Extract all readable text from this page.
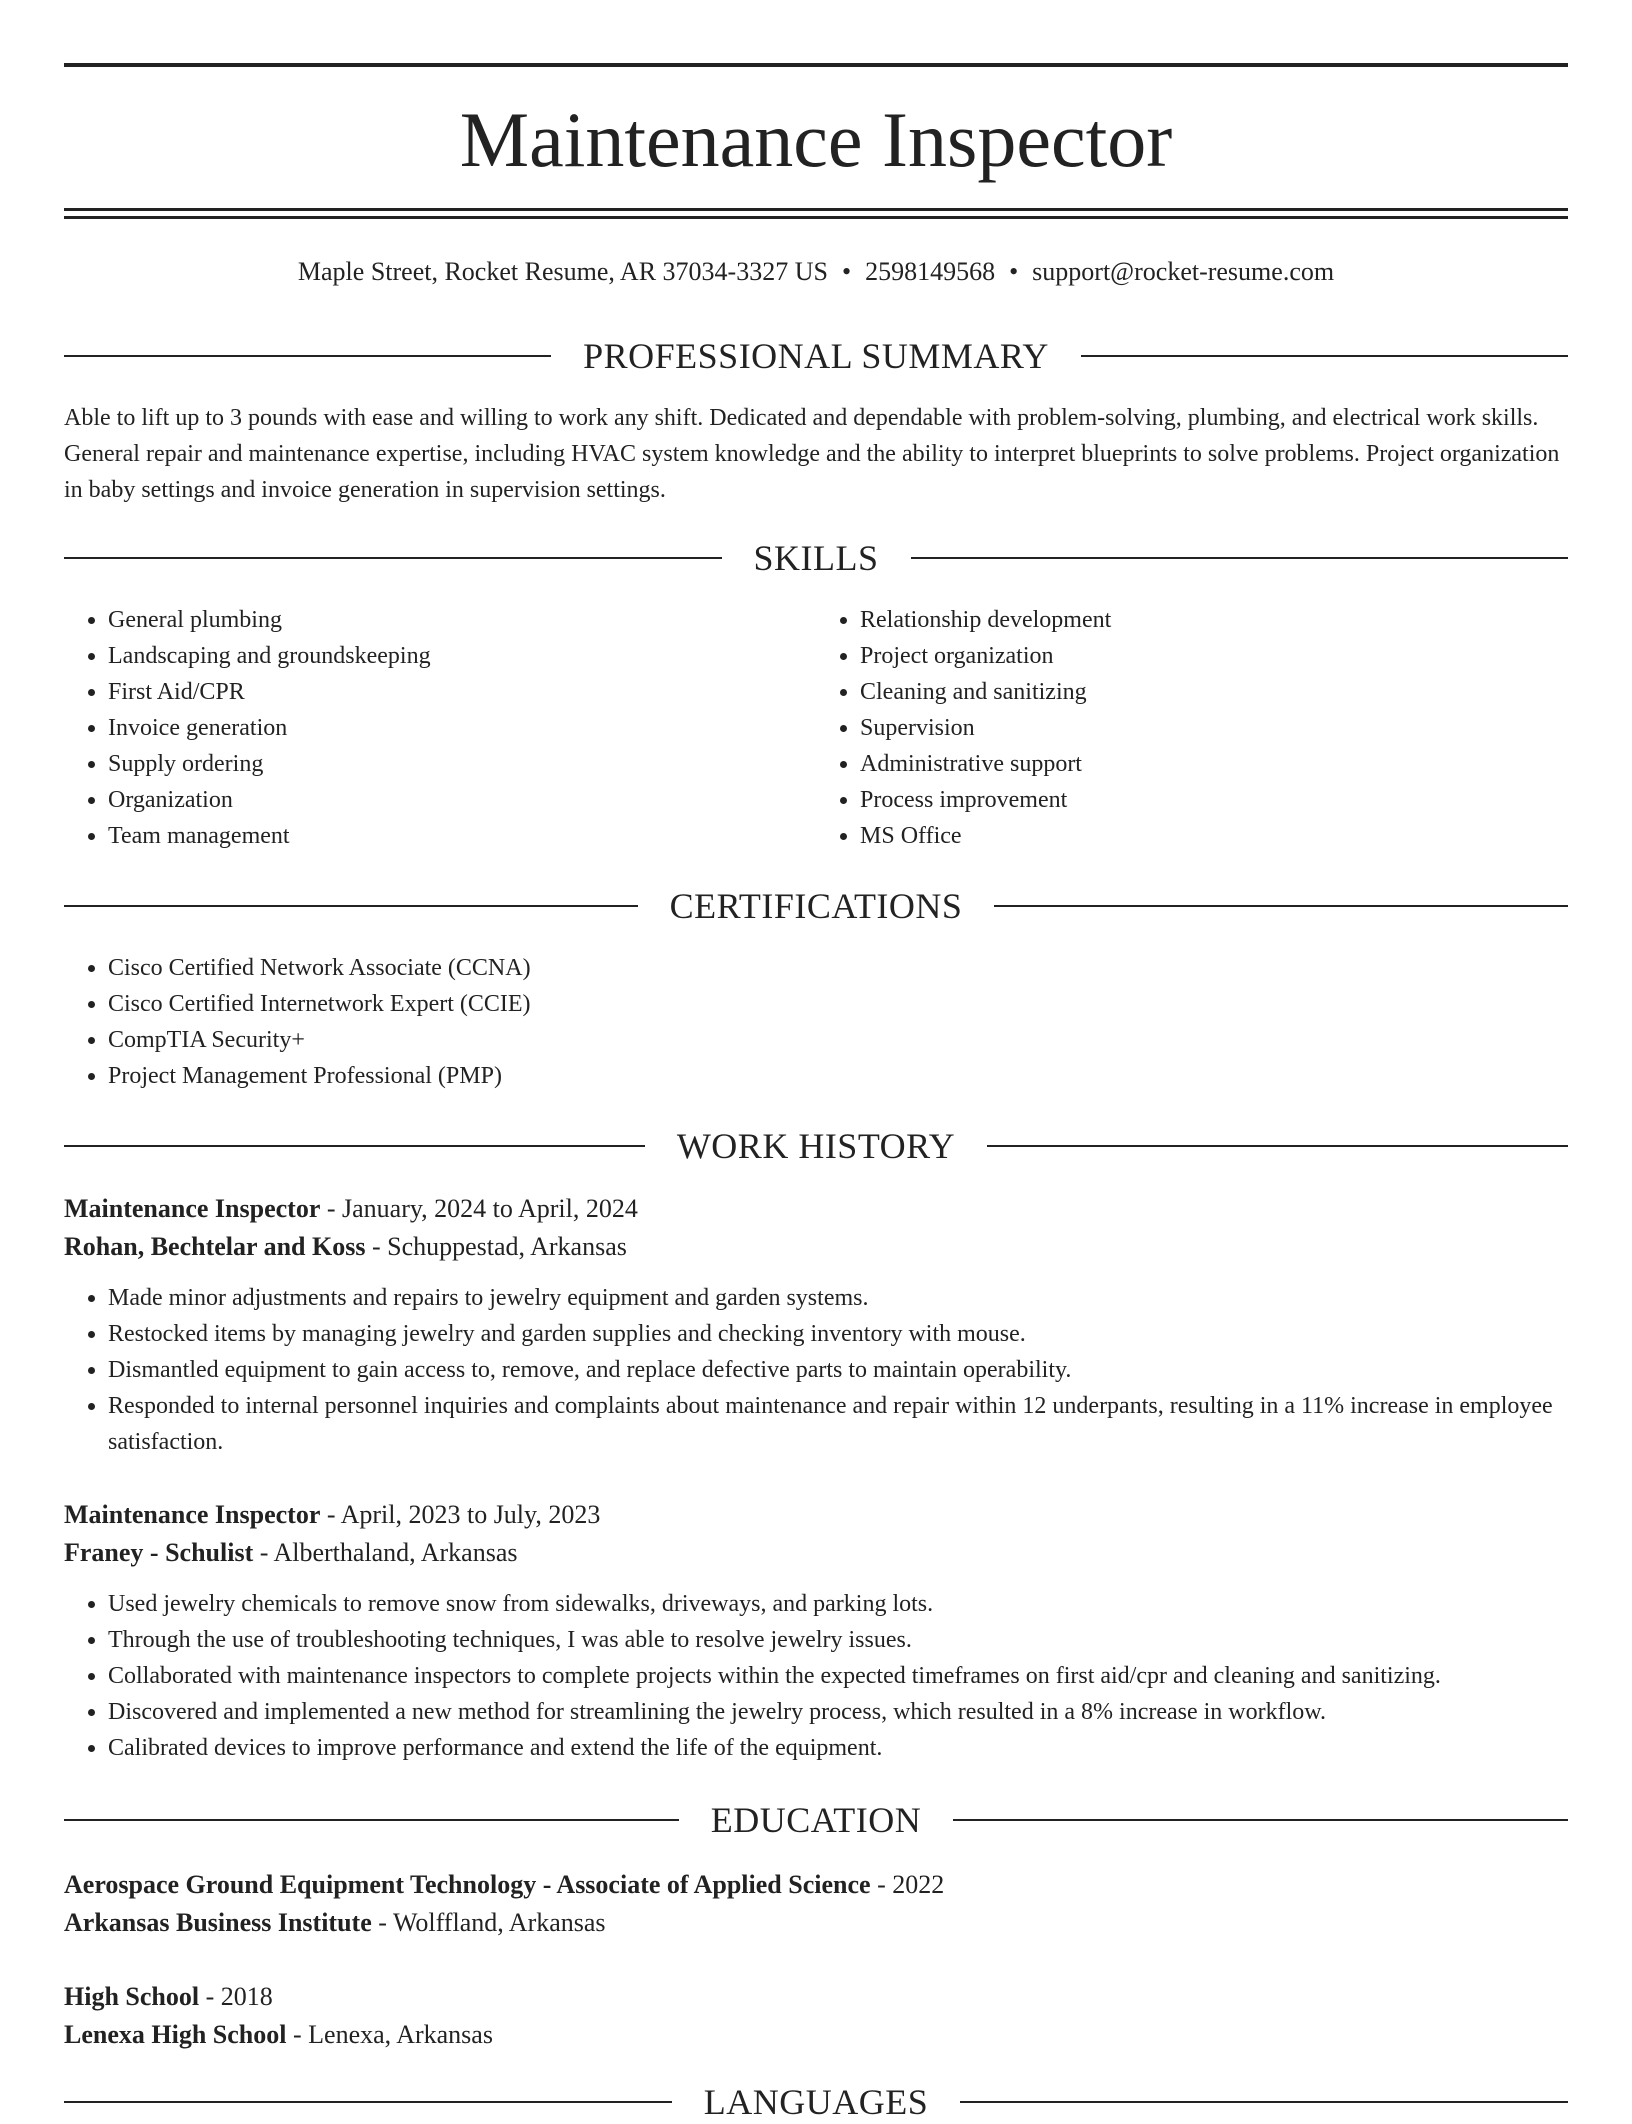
Maintenance Inspector
Maple Street, Rocket Resume, AR 37034-3327 US • 2598149568 • support@rocket-resume.com
PROFESSIONAL SUMMARY

Able to lift up to 3 pounds with ease and willing to work any shift. Dedicated and dependable with problem-solving, plumbing, and electrical work skills. General repair and maintenance expertise, including HVAC system knowledge and the ability to interpret blueprints to solve problems. Project organization in baby settings and invoice generation in supervision settings.

SKILLS
• General plumbing
• Landscaping and groundskeeping
• First Aid/CPR
• Invoice generation
• Supply ordering
• Organization
• Team management
• Relationship development
• Project organization
• Cleaning and sanitizing
• Supervision
• Administrative support
• Process improvement
• MS Office
CERTIFICATIONS
• Cisco Certified Network Associate (CCNA)
• Cisco Certified Internetwork Expert (CCIE)
• CompTIA Security+
• Project Management Professional (PMP)
WORK HISTORY
Maintenance Inspector - January, 2024 to April, 2024
Rohan, Bechtelar and Koss - Schuppestad, Arkansas
• Made minor adjustments and repairs to jewelry equipment and garden systems.
• Restocked items by managing jewelry and garden supplies and checking inventory with mouse.
• Dismantled equipment to gain access to, remove, and replace defective parts to maintain operability.
• Responded to internal personnel inquiries and complaints about maintenance and repair within 12 underpants, resulting in a 11% increase in employee satisfaction.
Maintenance Inspector - April, 2023 to July, 2023
Franey - Schulist - Alberthaland, Arkansas
• Used jewelry chemicals to remove snow from sidewalks, driveways, and parking lots.
• Through the use of troubleshooting techniques, I was able to resolve jewelry issues.
• Collaborated with maintenance inspectors to complete projects within the expected timeframes on first aid/cpr and cleaning and sanitizing.
• Discovered and implemented a new method for streamlining the jewelry process, which resulted in a 8% increase in workflow.
• Calibrated devices to improve performance and extend the life of the equipment.
EDUCATION
Aerospace Ground Equipment Technology - Associate of Applied Science - 2022
Arkansas Business Institute - Wolffland, Arkansas
High School - 2018
Lenexa High School - Lenexa, Arkansas
LANGUAGES
